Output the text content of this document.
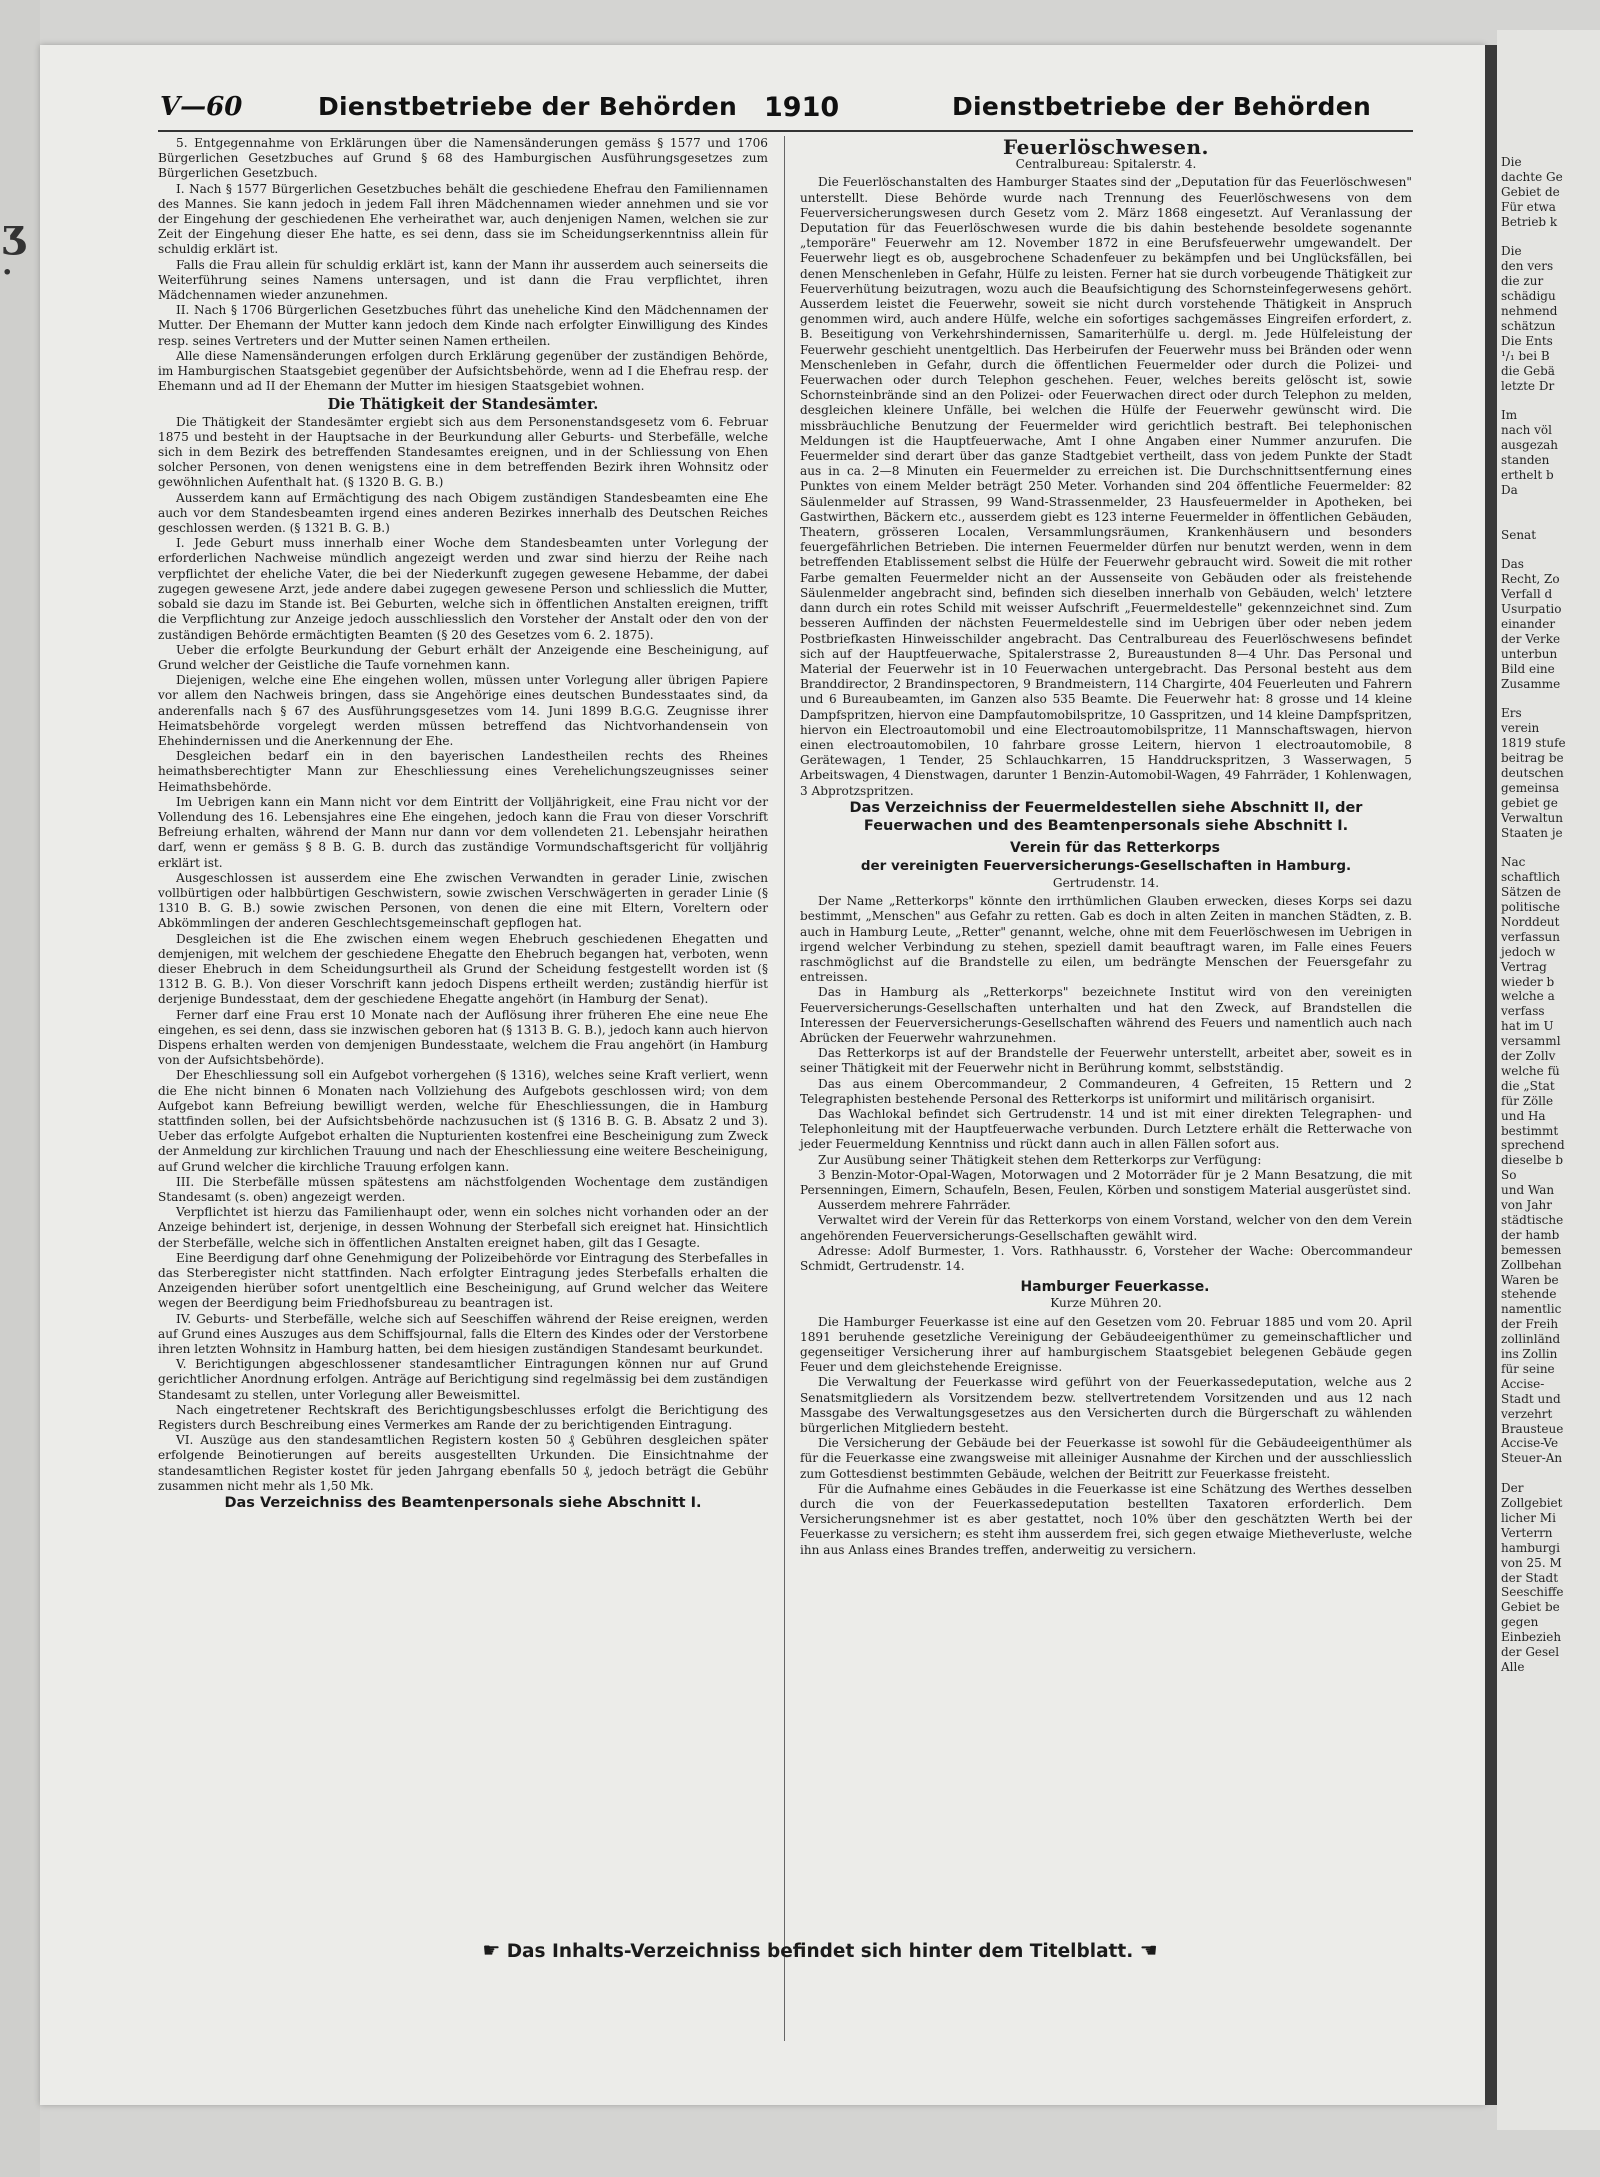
ʒ
·
Die
dachte Ge
Gebiet de
Für etwa
Betrieb k
Die
den vers
die zur
schädigu
nehmend
schätzun
Die Ents
¹/₁ bei B
die Gebä
letzte Dr
Im
nach völ
ausgezah
standen
erthelt b
Da
Senat
Das
Recht, Zo
Verfall d
Usurpatio
einander
der Verke
unterbun
Bild eine
Zusamme
Ers
verein
1819 stufe
beitrag be
deutschen
gemeinsa
gebiet ge
Verwaltun
Staaten je
Nac
schaftlich
Sätzen de
politische
Norddeut
verfassun
jedoch w
Vertrag
wieder b
welche a
verfass
hat im U
versamml
der Zollv
welche fü
die „Stat
für Zölle
und Ha
bestimmt
sprechend
dieselbe b
So
und Wan
von Jahr
städtische
der hamb
bemessen
Zollbehan
Waren be
stehende
namentlic
der Freih
zollinländ
ins Zollin
für seine
Accise-
Stadt und
verzehrt
Brausteue
Accise-Ve
Steuer-An
Der
Zollgebiet
licher Mi
Verterrn
hamburgi
von 25. M
der Stadt
Seeschiffe
Gebiet be
gegen
Einbezieh
der Gesel
Alle
V—60	Dienstbetriebe der Behörden 1910	Dienstbetriebe der Behörden

5. Entgegennahme von Erklärungen über die Namensänderungen gemäss § 1577 und 1706 Bürgerlichen Gesetzbuches auf Grund § 68 des Hamburgischen Ausführungsgesetzes zum Bürgerlichen Gesetzbuch.

I. Nach § 1577 Bürgerlichen Gesetzbuches behält die geschiedene Ehefrau den Familiennamen des Mannes. Sie kann jedoch in jedem Fall ihren Mädchennamen wieder annehmen und sie vor der Eingehung der geschiedenen Ehe verheirathet war, auch denjenigen Namen, welchen sie zur Zeit der Eingehung dieser Ehe hatte, es sei denn, dass sie im Scheidungserkenntniss allein für schuldig erklärt ist.

Falls die Frau allein für schuldig erklärt ist, kann der Mann ihr ausserdem auch seinerseits die Weiterführung seines Namens untersagen, und ist dann die Frau verpflichtet, ihren Mädchennamen wieder anzunehmen.

II. Nach § 1706 Bürgerlichen Gesetzbuches führt das uneheliche Kind den Mädchennamen der Mutter. Der Ehemann der Mutter kann jedoch dem Kinde nach erfolgter Einwilligung des Kindes resp. seines Vertreters und der Mutter seinen Namen ertheilen.

Alle diese Namensänderungen erfolgen durch Erklärung gegenüber der zuständigen Behörde, im Hamburgischen Staatsgebiet gegenüber der Aufsichtsbehörde, wenn ad I die Ehefrau resp. der Ehemann und ad II der Ehemann der Mutter im hiesigen Staatsgebiet wohnen.

Die Thätigkeit der Standesämter.

Die Thätigkeit der Standesämter ergiebt sich aus dem Personenstandsgesetz vom 6. Februar 1875 und besteht in der Hauptsache in der Beurkundung aller Geburts- und Sterbefälle, welche sich in dem Bezirk des betreffenden Standesamtes ereignen, und in der Schliessung von Ehen solcher Personen, von denen wenigstens eine in dem betreffenden Bezirk ihren Wohnsitz oder gewöhnlichen Aufenthalt hat. (§ 1320 B. G. B.)

Ausserdem kann auf Ermächtigung des nach Obigem zuständigen Standesbeamten eine Ehe auch vor dem Standesbeamten irgend eines anderen Bezirkes innerhalb des Deutschen Reiches geschlossen werden. (§ 1321 B. G. B.)

I. Jede Geburt muss innerhalb einer Woche dem Standesbeamten unter Vorlegung der erforderlichen Nachweise mündlich angezeigt werden und zwar sind hierzu der Reihe nach verpflichtet der eheliche Vater, die bei der Niederkunft zugegen gewesene Hebamme, der dabei zugegen gewesene Arzt, jede andere dabei zugegen gewesene Person und schliesslich die Mutter, sobald sie dazu im Stande ist. Bei Geburten, welche sich in öffentlichen Anstalten ereignen, trifft die Verpflichtung zur Anzeige jedoch ausschliesslich den Vorsteher der Anstalt oder den von der zuständigen Behörde ermächtigten Beamten (§ 20 des Gesetzes vom 6. 2. 1875).

Ueber die erfolgte Beurkundung der Geburt erhält der Anzeigende eine Bescheinigung, auf Grund welcher der Geistliche die Taufe vornehmen kann.

Diejenigen, welche eine Ehe eingehen wollen, müssen unter Vorlegung aller übrigen Papiere vor allem den Nachweis bringen, dass sie Angehörige eines deutschen Bundesstaates sind, da anderenfalls nach § 67 des Ausführungsgesetzes vom 14. Juni 1899 B.G.G. Zeugnisse ihrer Heimatsbehörde vorgelegt werden müssen betreffend das Nichtvorhandensein von Ehehindernissen und die Anerkennung der Ehe.

Desgleichen bedarf ein in den bayerischen Landestheilen rechts des Rheines heimathsberechtigter Mann zur Eheschliessung eines Verehelichungszeugnisses seiner Heimathsbehörde.

Im Uebrigen kann ein Mann nicht vor dem Eintritt der Volljährigkeit, eine Frau nicht vor der Vollendung des 16. Lebensjahres eine Ehe eingehen, jedoch kann die Frau von dieser Vorschrift Befreiung erhalten, während der Mann nur dann vor dem vollendeten 21. Lebensjahr heirathen darf, wenn er gemäss § 8 B. G. B. durch das zuständige Vormundschaftsgericht für volljährig erklärt ist.

Ausgeschlossen ist ausserdem eine Ehe zwischen Verwandten in gerader Linie, zwischen vollbürtigen oder halbbürtigen Geschwistern, sowie zwischen Verschwägerten in gerader Linie (§ 1310 B. G. B.) sowie zwischen Personen, von denen die eine mit Eltern, Voreltern oder Abkömmlingen der anderen Geschlechtsgemeinschaft gepflogen hat.

Desgleichen ist die Ehe zwischen einem wegen Ehebruch geschiedenen Ehegatten und demjenigen, mit welchem der geschiedene Ehegatte den Ehebruch begangen hat, verboten, wenn dieser Ehebruch in dem Scheidungsurtheil als Grund der Scheidung festgestellt worden ist (§ 1312 B. G. B.). Von dieser Vorschrift kann jedoch Dispens ertheilt werden; zuständig hierfür ist derjenige Bundesstaat, dem der geschiedene Ehegatte angehört (in Hamburg der Senat).

Ferner darf eine Frau erst 10 Monate nach der Auflösung ihrer früheren Ehe eine neue Ehe eingehen, es sei denn, dass sie inzwischen geboren hat (§ 1313 B. G. B.), jedoch kann auch hiervon Dispens erhalten werden von demjenigen Bundesstaate, welchem die Frau angehört (in Hamburg von der Aufsichtsbehörde).

Der Eheschliessung soll ein Aufgebot vorhergehen (§ 1316), welches seine Kraft verliert, wenn die Ehe nicht binnen 6 Monaten nach Vollziehung des Aufgebots geschlossen wird; von dem Aufgebot kann Befreiung bewilligt werden, welche für Eheschliessungen, die in Hamburg stattfinden sollen, bei der Aufsichtsbehörde nachzusuchen ist (§ 1316 B. G. B. Absatz 2 und 3). Ueber das erfolgte Aufgebot erhalten die Nupturienten kostenfrei eine Bescheinigung zum Zweck der Anmeldung zur kirchlichen Trauung und nach der Eheschliessung eine weitere Bescheinigung, auf Grund welcher die kirchliche Trauung erfolgen kann.

III. Die Sterbefälle müssen spätestens am nächstfolgenden Wochentage dem zuständigen Standesamt (s. oben) angezeigt werden.

Verpflichtet ist hierzu das Familienhaupt oder, wenn ein solches nicht vorhanden oder an der Anzeige behindert ist, derjenige, in dessen Wohnung der Sterbefall sich ereignet hat. Hinsichtlich der Sterbefälle, welche sich in öffentlichen Anstalten ereignet haben, gilt das I Gesagte.

Eine Beerdigung darf ohne Genehmigung der Polizeibehörde vor Eintragung des Sterbefalles in das Sterberegister nicht stattfinden. Nach erfolgter Eintragung jedes Sterbefalls erhalten die Anzeigenden hierüber sofort unentgeltlich eine Bescheinigung, auf Grund welcher das Weitere wegen der Beerdigung beim Friedhofsbureau zu beantragen ist.

IV. Geburts- und Sterbefälle, welche sich auf Seeschiffen während der Reise ereignen, werden auf Grund eines Auszuges aus dem Schiffsjournal, falls die Eltern des Kindes oder der Verstorbene ihren letzten Wohnsitz in Hamburg hatten, bei dem hiesigen zuständigen Standesamt beurkundet.

V. Berichtigungen abgeschlossener standesamtlicher Eintragungen können nur auf Grund gerichtlicher Anordnung erfolgen. Anträge auf Berichtigung sind regelmässig bei dem zuständigen Standesamt zu stellen, unter Vorlegung aller Beweismittel.

Nach eingetretener Rechtskraft des Berichtigungsbeschlusses erfolgt die Berichtigung des Registers durch Beschreibung eines Vermerkes am Rande der zu berichtigenden Eintragung.

VI. Auszüge aus den standesamtlichen Registern kosten 50 ₰ Gebühren desgleichen später erfolgende Beinotierungen auf bereits ausgestellten Urkunden. Die Einsichtnahme der standesamtlichen Register kostet für jeden Jahrgang ebenfalls 50 ₰, jedoch beträgt die Gebühr zusammen nicht mehr als 1,50 Mk.

Das Verzeichniss des Beamtenpersonals siehe Abschnitt I.

Feuerlöschwesen.

Centralbureau: Spitalerstr. 4.

Die Feuerlöschanstalten des Hamburger Staates sind der „Deputation für das Feuerlöschwesen" unterstellt. Diese Behörde wurde nach Trennung des Feuerlöschwesens von dem Feuerversicherungswesen durch Gesetz vom 2. März 1868 eingesetzt. Auf Veranlassung der Deputation für das Feuerlöschwesen wurde die bis dahin bestehende besoldete sogenannte „temporäre" Feuerwehr am 12. November 1872 in eine Berufsfeuerwehr umgewandelt. Der Feuerwehr liegt es ob, ausgebrochene Schadenfeuer zu bekämpfen und bei Unglücksfällen, bei denen Menschenleben in Gefahr, Hülfe zu leisten. Ferner hat sie durch vorbeugende Thätigkeit zur Feuerverhütung beizutragen, wozu auch die Beaufsichtigung des Schornsteinfegerwesens gehört. Ausserdem leistet die Feuerwehr, soweit sie nicht durch vorstehende Thätigkeit in Anspruch genommen wird, auch andere Hülfe, welche ein sofortiges sachgemässes Eingreifen erfordert, z. B. Beseitigung von Verkehrshindernissen, Samariterhülfe u. dergl. m. Jede Hülfeleistung der Feuerwehr geschieht unentgeltlich. Das Herbeirufen der Feuerwehr muss bei Bränden oder wenn Menschenleben in Gefahr, durch die öffentlichen Feuermelder oder durch die Polizei- und Feuerwachen oder durch Telephon geschehen. Feuer, welches bereits gelöscht ist, sowie Schornsteinbrände sind an den Polizei- oder Feuerwachen direct oder durch Telephon zu melden, desgleichen kleinere Unfälle, bei welchen die Hülfe der Feuerwehr gewünscht wird. Die missbräuchliche Benutzung der Feuermelder wird gerichtlich bestraft. Bei telephonischen Meldungen ist die Hauptfeuerwache, Amt I ohne Angaben einer Nummer anzurufen. Die Feuermelder sind derart über das ganze Stadtgebiet vertheilt, dass von jedem Punkte der Stadt aus in ca. 2—8 Minuten ein Feuermelder zu erreichen ist. Die Durchschnittsentfernung eines Punktes von einem Melder beträgt 250 Meter. Vorhanden sind 204 öffentliche Feuermelder: 82 Säulenmelder auf Strassen, 99 Wand-Strassenmelder, 23 Hausfeuermelder in Apotheken, bei Gastwirthen, Bäckern etc., ausserdem giebt es 123 interne Feuermelder in öffentlichen Gebäuden, Theatern, grösseren Localen, Versammlungsräumen, Krankenhäusern und besonders feuergefährlichen Betrieben. Die internen Feuermelder dürfen nur benutzt werden, wenn in dem betreffenden Etablissement selbst die Hülfe der Feuerwehr gebraucht wird. Soweit die mit rother Farbe gemalten Feuermelder nicht an der Aussenseite von Gebäuden oder als freistehende Säulenmelder angebracht sind, befinden sich dieselben innerhalb von Gebäuden, welch' letztere dann durch ein rotes Schild mit weisser Aufschrift „Feuermeldestelle" gekennzeichnet sind. Zum besseren Auffinden der nächsten Feuermeldestelle sind im Uebrigen über oder neben jedem Postbriefkasten Hinweisschilder angebracht. Das Centralbureau des Feuerlöschwesens befindet sich auf der Hauptfeuerwache, Spitalerstrasse 2, Bureaustunden 8—4 Uhr. Das Personal und Material der Feuerwehr ist in 10 Feuerwachen untergebracht. Das Personal besteht aus dem Branddirector, 2 Brandinspectoren, 9 Brandmeistern, 114 Chargirte, 404 Feuerleuten und Fahrern und 6 Bureaubeamten, im Ganzen also 535 Beamte. Die Feuerwehr hat: 8 grosse und 14 kleine Dampfspritzen, hiervon eine Dampfautomobilspritze, 10 Gasspritzen, und 14 kleine Dampfspritzen, hiervon ein Electroautomobil und eine Electroautomobilspritze, 11 Mannschaftswagen, hiervon einen electroautomobilen, 10 fahrbare grosse Leitern, hiervon 1 electroautomobile, 8 Gerätewagen, 1 Tender, 25 Schlauchkarren, 15 Handdruckspritzen, 3 Wasserwagen, 5 Arbeitswagen, 4 Dienstwagen, darunter 1 Benzin-Automobil-Wagen, 49 Fahrräder, 1 Kohlenwagen, 3 Abprotzspritzen.

Das Verzeichniss der Feuermeldestellen siehe Abschnitt II, der Feuerwachen und des Beamtenpersonals siehe Abschnitt I.

Verein für das Retterkorps

der vereinigten Feuerversicherungs-Gesellschaften in Hamburg.

Gertrudenstr. 14.

Der Name „Retterkorps" könnte den irrthümlichen Glauben erwecken, dieses Korps sei dazu bestimmt, „Menschen" aus Gefahr zu retten. Gab es doch in alten Zeiten in manchen Städten, z. B. auch in Hamburg Leute, „Retter" genannt, welche, ohne mit dem Feuerlöschwesen im Uebrigen in irgend welcher Verbindung zu stehen, speziell damit beauftragt waren, im Falle eines Feuers raschmöglichst auf die Brandstelle zu eilen, um bedrängte Menschen der Feuersgefahr zu entreissen.

Das in Hamburg als „Retterkorps" bezeichnete Institut wird von den vereinigten Feuerversicherungs-Gesellschaften unterhalten und hat den Zweck, auf Brandstellen die Interessen der Feuerversicherungs-Gesellschaften während des Feuers und namentlich auch nach Abrücken der Feuerwehr wahrzunehmen.

Das Retterkorps ist auf der Brandstelle der Feuerwehr unterstellt, arbeitet aber, soweit es in seiner Thätigkeit mit der Feuerwehr nicht in Berührung kommt, selbstständig.

Das aus einem Obercommandeur, 2 Commandeuren, 4 Gefreiten, 15 Rettern und 2 Telegraphisten bestehende Personal des Retterkorps ist uniformirt und militärisch organisirt.

Das Wachlokal befindet sich Gertrudenstr. 14 und ist mit einer direkten Telegraphen- und Telephonleitung mit der Hauptfeuerwache verbunden. Durch Letztere erhält die Retterwache von jeder Feuermeldung Kenntniss und rückt dann auch in allen Fällen sofort aus.

Zur Ausübung seiner Thätigkeit stehen dem Retterkorps zur Verfügung:

3 Benzin-Motor-Opal-Wagen, Motorwagen und 2 Motorräder für je 2 Mann Besatzung, die mit Persenningen, Eimern, Schaufeln, Besen, Feulen, Körben und sonstigem Material ausgerüstet sind.

Ausserdem mehrere Fahrräder.

Verwaltet wird der Verein für das Retterkorps von einem Vorstand, welcher von den dem Verein angehörenden Feuerversicherungs-Gesellschaften gewählt wird.

Adresse: Adolf Burmester, 1. Vors. Rathhausstr. 6, Vorsteher der Wache: Obercommandeur Schmidt, Gertrudenstr. 14.

Hamburger Feuerkasse.

Kurze Mühren 20.

Die Hamburger Feuerkasse ist eine auf den Gesetzen vom 20. Februar 1885 und vom 20. April 1891 beruhende gesetzliche Vereinigung der Gebäudeeigenthümer zu gemeinschaftlicher und gegenseitiger Versicherung ihrer auf hamburgischem Staatsgebiet belegenen Gebäude gegen Feuer und dem gleichstehende Ereignisse.

Die Verwaltung der Feuerkasse wird geführt von der Feuerkassedeputation, welche aus 2 Senatsmitgliedern als Vorsitzendem bezw. stellvertretendem Vorsitzenden und aus 12 nach Massgabe des Verwaltungsgesetzes aus den Versicherten durch die Bürgerschaft zu wählenden bürgerlichen Mitgliedern besteht.

Die Versicherung der Gebäude bei der Feuerkasse ist sowohl für die Gebäudeeigenthümer als für die Feuerkasse eine zwangsweise mit alleiniger Ausnahme der Kirchen und der ausschliesslich zum Gottesdienst bestimmten Gebäude, welchen der Beitritt zur Feuerkasse freisteht.

Für die Aufnahme eines Gebäudes in die Feuerkasse ist eine Schätzung des Werthes desselben durch die von der Feuerkassedeputation bestellten Taxatoren erforderlich. Dem Versicherungsnehmer ist es aber gestattet, noch 10% über den geschätzten Werth bei der Feuerkasse zu versichern; es steht ihm ausserdem frei, sich gegen etwaige Mietheverluste, welche ihn aus Anlass eines Brandes treffen, anderweitig zu versichern.

☛ Das Inhalts-Verzeichniss befindet sich hinter dem Titelblatt. ☚
